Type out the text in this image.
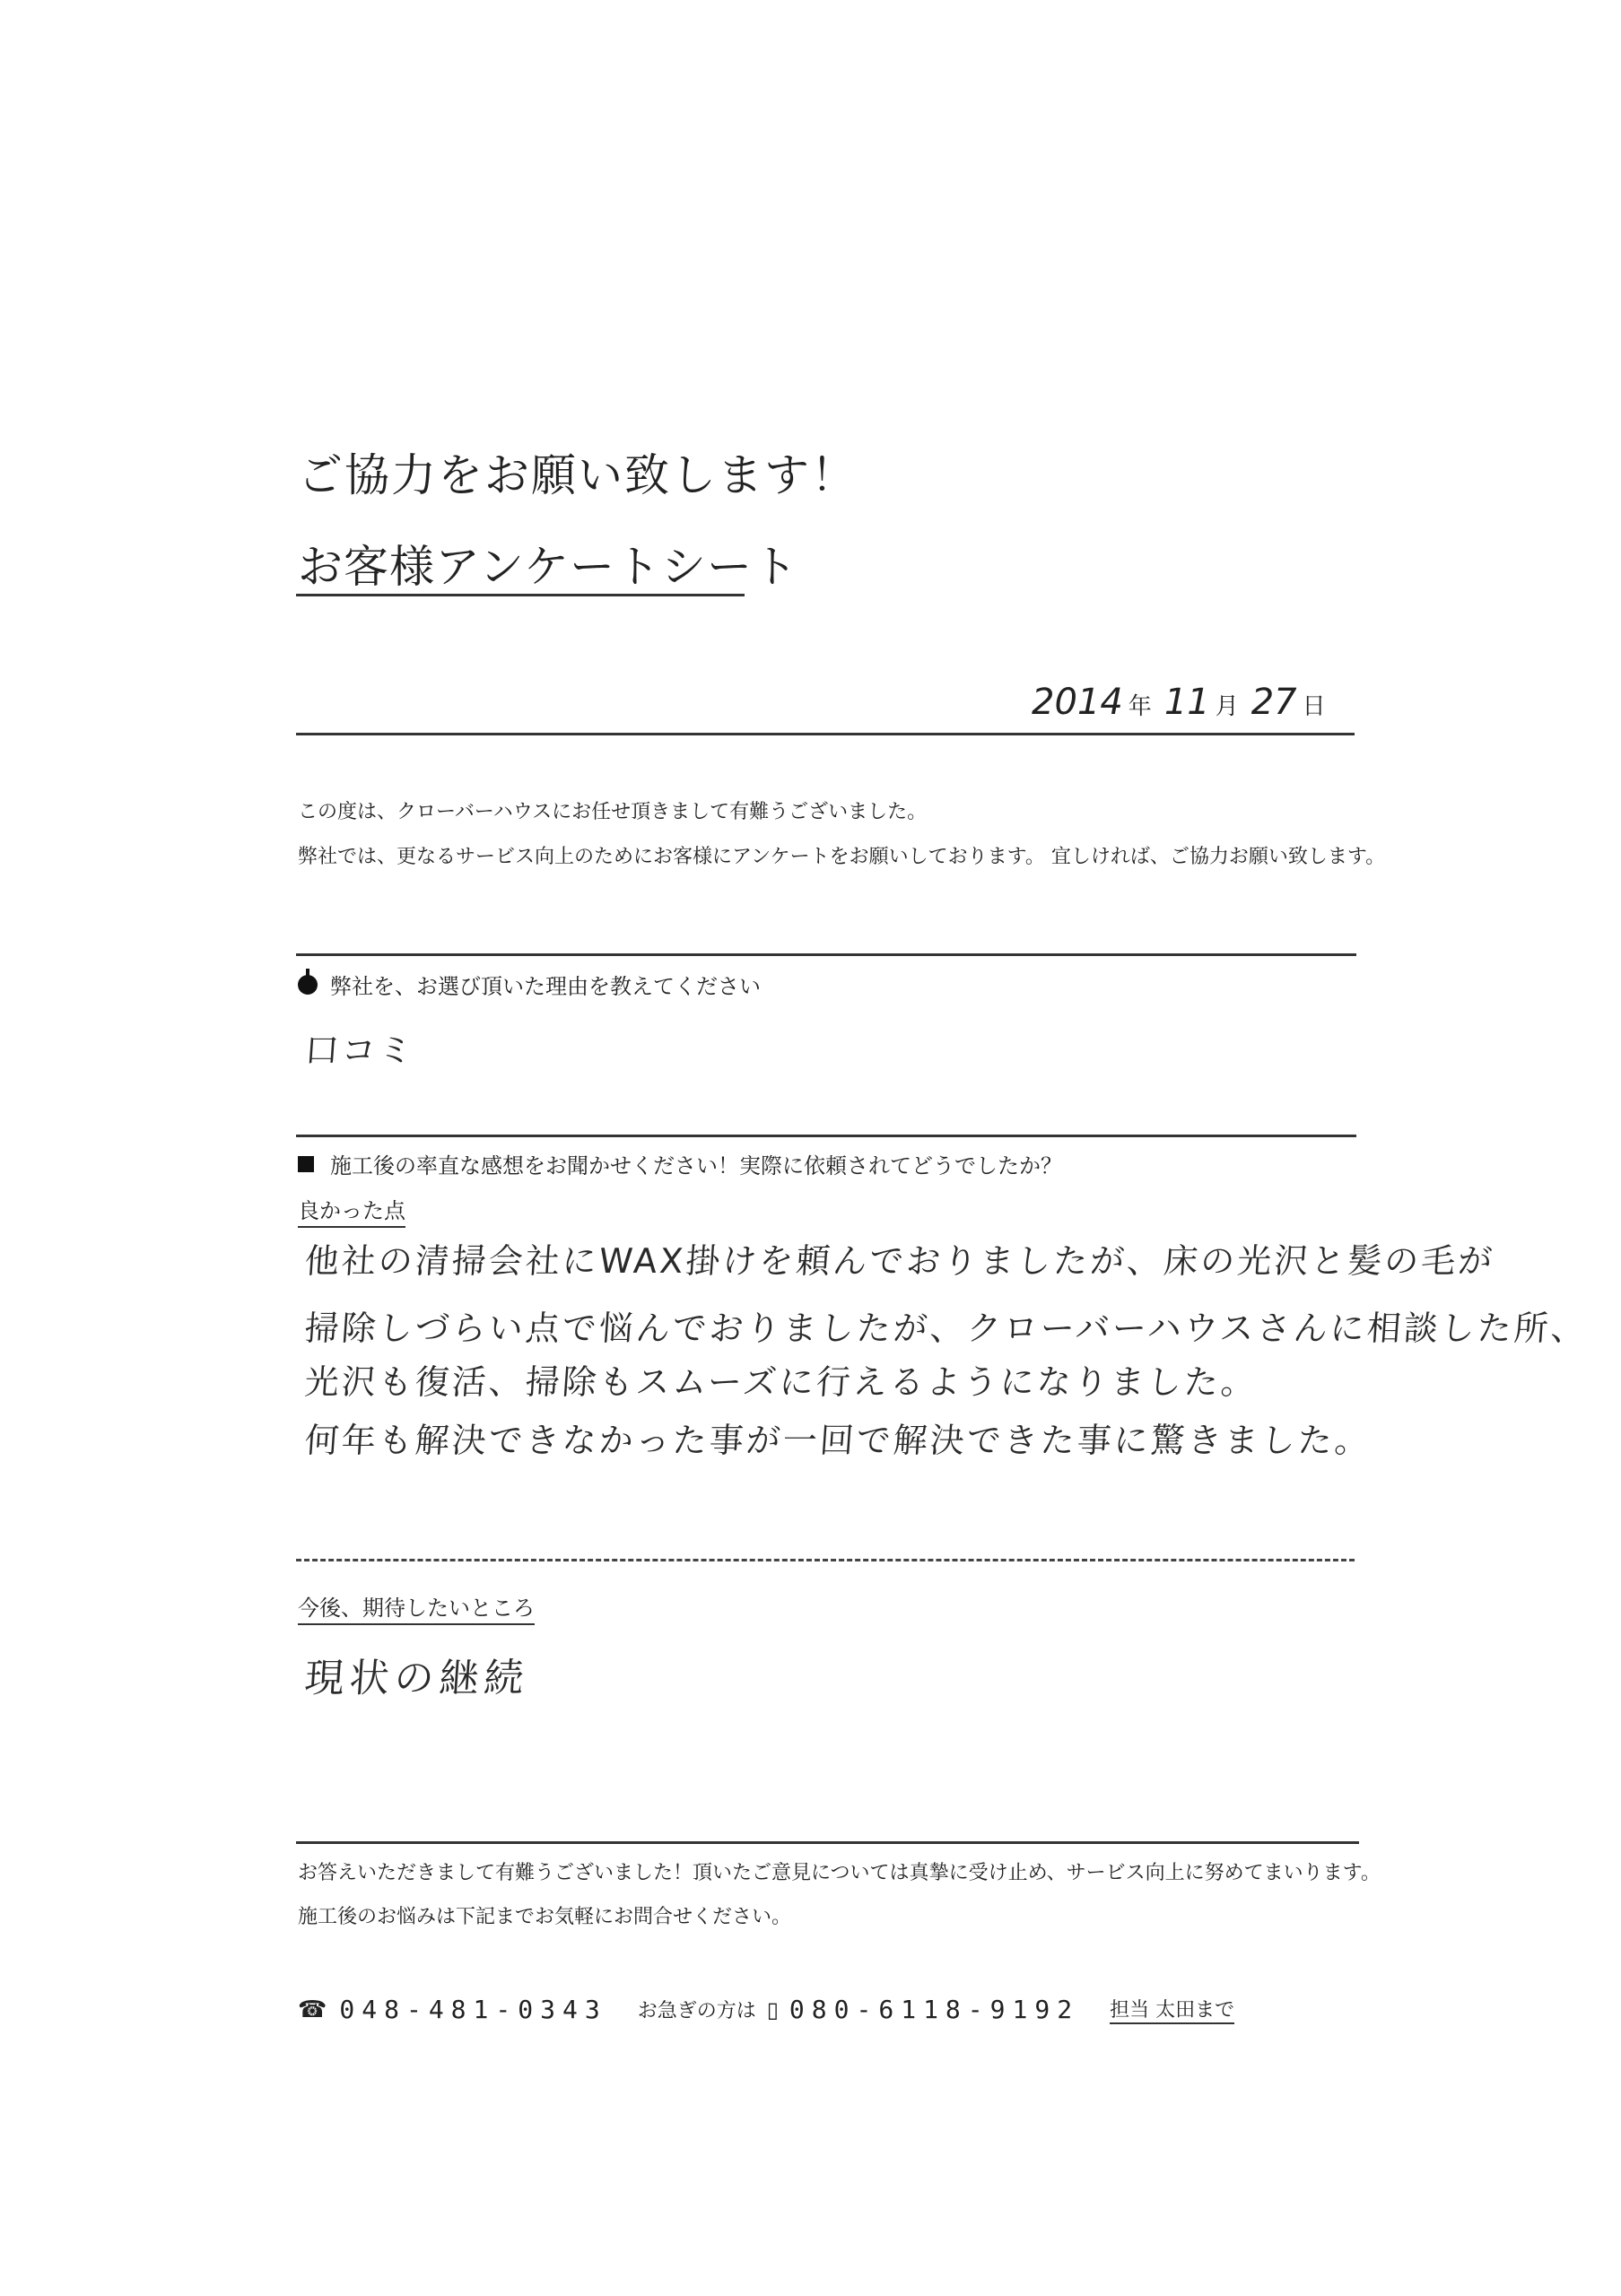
ご協力をお願い致します！
お客様アンケートシート
2014 年 11 月 27 日
この度は、クローバーハウスにお任せ頂きまして有難うございました。
弊社では、更なるサービス向上のためにお客様にアンケートをお願いしております。 宜しければ、ご協力お願い致します。
弊社を、お選び頂いた理由を教えてください
口コミ
施工後の率直な感想をお聞かせください！実際に依頼されてどうでしたか？
良かった点
他社の清掃会社にWAX掛けを頼んでおりましたが、床の光沢と髪の毛が
掃除しづらい点で悩んでおりましたが、クローバーハウスさんに相談した所、
光沢も復活、掃除もスムーズに行えるようになりました。
何年も解決できなかった事が一回で解決できた事に驚きました。
今後、期待したいところ
現状の継続
お答えいただきまして有難うございました！頂いたご意見については真摯に受け止め、サービス向上に努めてまいります。
施工後のお悩みは下記までお気軽にお問合せください。
☎ 048-481-0343 お急ぎの方は ▯ 080-6118-9192 担当 太田まで
